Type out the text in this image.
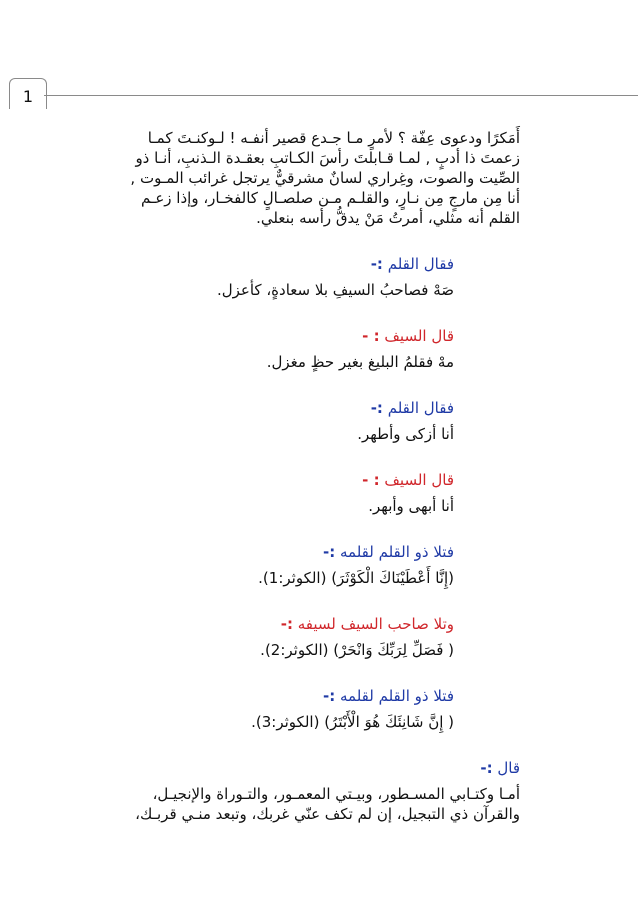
1

أَمَكرًا ودعوى عِفّة ؟ لأمرٍ مـا جـدع قصير أنفـه ! لـوكنـتَ كمـا
زعمتَ ذا أدبٍ , لمـا قـابلتَ رأسَ الكـاتبِ بعقـدة الـذنبِ، أنـا ذو
الصِّيت والصوت، وغِراري لسانٌ مشرقيٌّ يرتجل غرائب المـوت ,
أنا مِن مارجٍ مِن نـارٍ، والقلـم مـن صلصـالٍ كالفخـار، وإذا زعـم
القلم أنه مثلي، أمرتُ مَنْ يدقُّ رأسه بنعلي.

فقال القلم :-

صَهْ فصاحبُ السيفِ بلا سعادةٍ، كأعزل.

قال السيف : -

مهْ فقلمُ البليغ بغير حظٍ مغزل.

فقال القلم :-

أنا أزكى وأطهر.

قال السيف : -

أنا أبهى وأبهر.

فتلا ذو القلم لقلمه :-

(إِنَّا أَعْطَيْنَاكَ الْكَوْثَرَ) (الكوثر:1).

وتلا صاحب السيف لسيفه :-

( فَصَلِّ لِرَبِّكَ وَانْحَرْ) (الكوثر:2).

فتلا ذو القلم لقلمه :-

( إِنَّ شَانِئَكَ هُوَ الْأَبْتَرُ) (الكوثر:3).

قال :-

أمـا وكتـابي المسـطور، وبيـتي المعمـور، والتـوراة والإنجيـل،

والقرآن ذي التبجيل، إن لم تكف عنّي غربك، وتبعد منـي قربـك،
